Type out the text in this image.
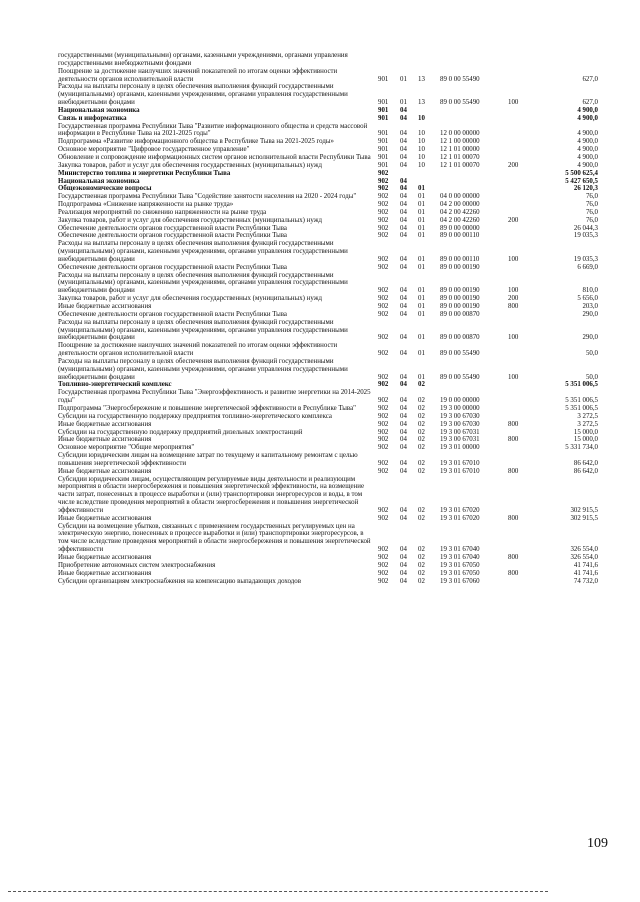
государственными (муниципальными) органами, казенными учреждениями, органами управления государственными внебюджетными фондами						
Поощрение за достижение наилучших значений показателей по итогам оценки эффективности деятельности органов исполнительной власти	901	01	13	89 0 00 55490		627,0
Расходы на выплаты персоналу в целях обеспечения выполнения функций государственными (муниципальными) органами, казенными учреждениями, органами управления государственными внебюджетными фондами	901	01	13	89 0 00 55490	100	627,0
Национальная экономика	901	04				4 900,0
Связь и информатика	901	04	10			4 900,0
Государственная программа Республики Тыва "Развитие информационного общества и средств массовой информации в Республике Тыва на 2021-2025 годы"	901	04	10	12 0 00 00000		4 900,0
Подпрограмма «Развитие информационного общества в Республике Тыва на 2021-2025 годы»	901	04	10	12 1 00 00000		4 900,0
Основное мероприятие "Цифровое государственное управление"	901	04	10	12 1 01 00000		4 900,0
Обновление и сопровождение информационных систем органов исполнительной власти Республики Тыва	901	04	10	12 1 01 00070		4 900,0
Закупка товаров, работ и услуг для обеспечения государственных (муниципальных) нужд	901	04	10	12 1 01 00070	200	4 900,0
Министерство топлива и энергетики Республики Тыва	902					5 500 625,4
Национальная экономика	902	04				5 427 650,5
Общеэкономические вопросы	902	04	01			26 120,3
Государственная программа Республики Тыва "Содействие занятости населения на 2020 - 2024 годы"	902	04	01	04 0 00 00000		76,0
Подпрограмма «Снижение напряженности на рынке труда»	902	04	01	04 2 00 00000		76,0
Реализация мероприятий по снижению напряженности на рынке труда	902	04	01	04 2 00 42260		76,0
Закупка товаров, работ и услуг для обеспечения государственных (муниципальных) нужд	902	04	01	04 2 00 42260	200	76,0
Обеспечение деятельности органов государственной власти Республики Тыва	902	04	01	89 0 00 00000		26 044,3
Обеспечение деятельности органов государственной власти Республики Тыва	902	04	01	89 0 00 00110		19 035,3
Расходы на выплаты персоналу в целях обеспечения выполнения функций государственными (муниципальными) органами, казенными учреждениями, органами управления государственными внебюджетными фондами	902	04	01	89 0 00 00110	100	19 035,3
Обеспечение деятельности органов государственной власти Республики Тыва	902	04	01	89 0 00 00190		6 669,0
Расходы на выплаты персоналу в целях обеспечения выполнения функций государственными (муниципальными) органами, казенными учреждениями, органами управления государственными внебюджетными фондами	902	04	01	89 0 00 00190	100	810,0
Закупка товаров, работ и услуг для обеспечения государственных (муниципальных) нужд	902	04	01	89 0 00 00190	200	5 656,0
Иные бюджетные ассигнования	902	04	01	89 0 00 00190	800	203,0
Обеспечение деятельности органов государственной власти Республики Тыва	902	04	01	89 0 00 00870		290,0
Расходы на выплаты персоналу в целях обеспечения выполнения функций государственными (муниципальными) органами, казенными учреждениями, органами управления государственными внебюджетными фондами	902	04	01	89 0 00 00870	100	290,0
Поощрение за достижение наилучших значений показателей по итогам оценки эффективности деятельности органов исполнительной власти	902	04	01	89 0 00 55490		50,0
Расходы на выплаты персоналу в целях обеспечения выполнения функций государственными (муниципальными) органами, казенными учреждениями, органами управления государственными внебюджетными фондами	902	04	01	89 0 00 55490	100	50,0
Топливно-энергетический комплекс	902	04	02			5 351 006,5
Государственная программа Республики Тыва "Энергоэффективность и развитие энергетики на 2014-2025 годы"	902	04	02	19 0 00 00000		5 351 006,5
Подпрограмма "Энергосбережение и повышение энергетической эффективности в Республике Тыва"	902	04	02	19 3 00 00000		5 351 006,5
Субсидии на государственную поддержку предприятия топливно-энергетического комплекса	902	04	02	19 3 00 67030		3 272,5
Иные бюджетные ассигнования	902	04	02	19 3 00 67030	800	3 272,5
Субсидии на государственную поддержку предприятий дизельных электростанций	902	04	02	19 3 00 67031		15 000,0
Иные бюджетные ассигнования	902	04	02	19 3 00 67031	800	15 000,0
Основное мероприятие "Общие мероприятия"	902	04	02	19 3 01 00000		5 331 734,0
Субсидии юридическим лицам на возмещение затрат по текущему и капитальному ремонтам с целью повышения энергетической эффективности	902	04	02	19 3 01 67010		86 642,0
Иные бюджетные ассигнования	902	04	02	19 3 01 67010	800	86 642,0
Субсидии юридическим лицам, осуществляющим регулируемые виды деятельности и реализующим мероприятия в области энергосбережения и повышения энергетической эффективности, на возмещение части затрат, понесенных в процессе выработки и (или) транспортировки энергоресурсов и воды, в том числе вследствие проведения мероприятий в области энергосбережения и повышения энергетической эффективности	902	04	02	19 3 01 67020		302 915,5
Иные бюджетные ассигнования	902	04	02	19 3 01 67020	800	302 915,5
Субсидии на возмещение убытков, связанных с применением государственных регулируемых цен на электрическую энергию, понесенных в процессе выработки и (или) транспортировки энергоресурсов, в том числе вследствие проведения мероприятий в области энергосбережения и повышения энергетической эффективности	902	04	02	19 3 01 67040		326 554,0
Иные бюджетные ассигнования	902	04	02	19 3 01 67040	800	326 554,0
Приобретение автономных систем электроснабжения	902	04	02	19 3 01 67050		41 741,6
Иные бюджетные ассигнования	902	04	02	19 3 01 67050	800	41 741,6
Субсидии организациям электроснабжения на компенсацию выпадающих доходов	902	04	02	19 3 01 67060		74 732,0
109
